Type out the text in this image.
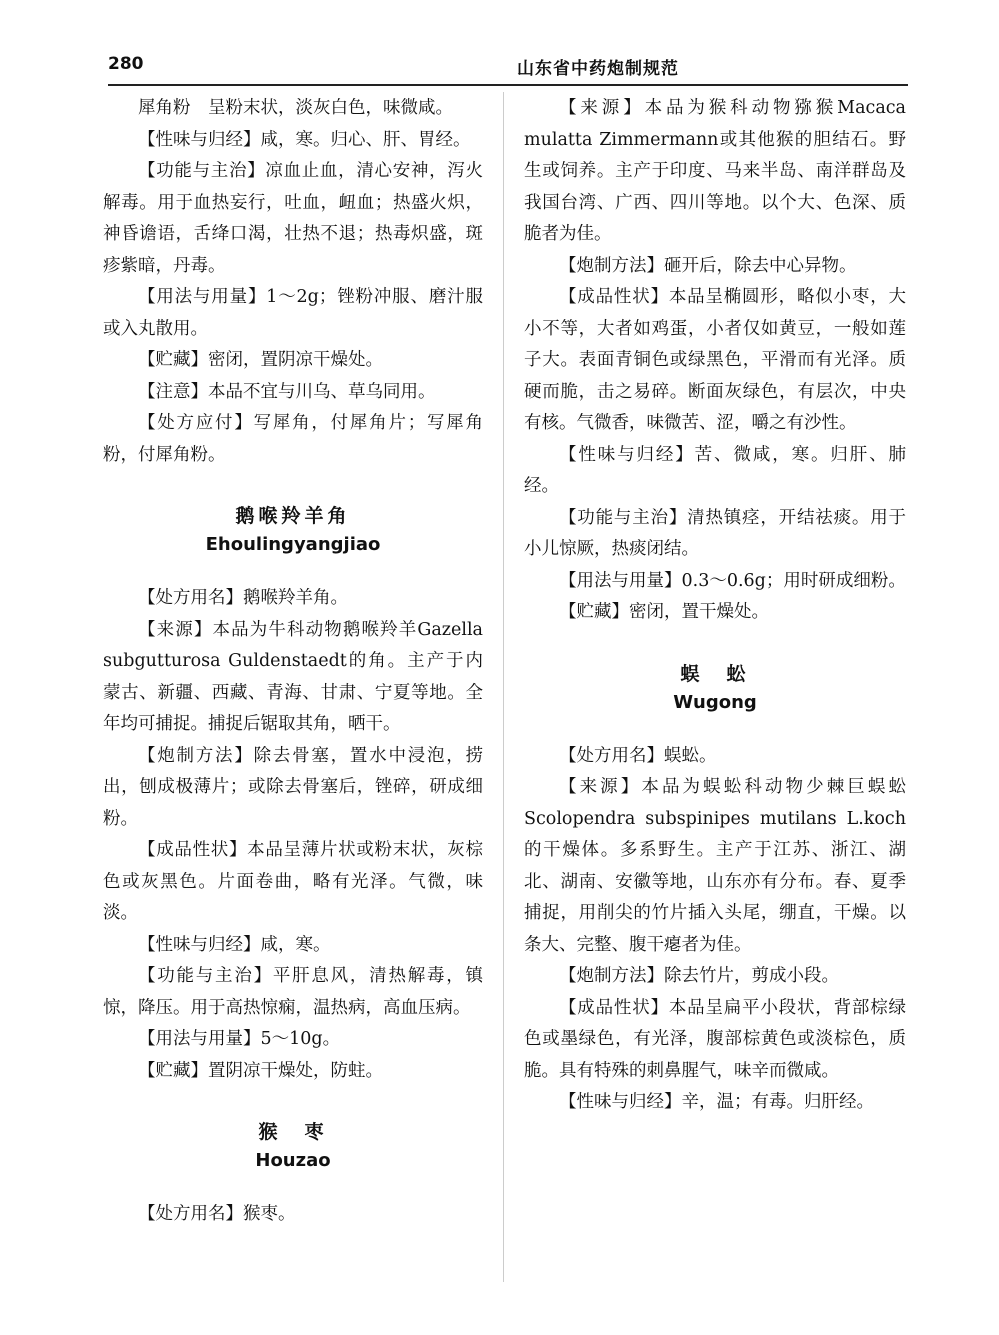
280	山东省中药炮制规范

犀角粉　呈粉末状，淡灰白色，味微咸。

【性味与归经】咸，寒。归心、肝、胃经。

【功能与主治】凉血止血，清心安神，泻火解毒。用于血热妄行，吐血，衄血；热盛火炽，神昏谵语，舌绛口渴，壮热不退；热毒炽盛，斑疹紫暗，丹毒。

【用法与用量】1～2g；锉粉冲服、磨汁服或入丸散用。

【贮藏】密闭，置阴凉干燥处。

【注意】本品不宜与川乌、草乌同用。

【处方应付】写犀角，付犀角片；写犀角粉，付犀角粉。

鹅喉羚羊角
Ehoulingyangjiao

【处方用名】鹅喉羚羊角。

【来源】本品为牛科动物鹅喉羚羊Gazella subgutturosa Guldenstaedt的角。主产于内蒙古、新疆、西藏、青海、甘肃、宁夏等地。全年均可捕捉。捕捉后锯取其角，晒干。

【炮制方法】除去骨塞，置水中浸泡，捞出，刨成极薄片；或除去骨塞后，锉碎，研成细粉。

【成品性状】本品呈薄片状或粉末状，灰棕色或灰黑色。片面卷曲，略有光泽。气微，味淡。

【性味与归经】咸，寒。

【功能与主治】平肝息风，清热解毒，镇惊，降压。用于高热惊痫，温热病，高血压病。

【用法与用量】5～10g。

【贮藏】置阴凉干燥处，防蛀。

猴　枣
Houzao

【处方用名】猴枣。

【来源】本品为猴科动物猕猴Macaca mulatta Zimmermann或其他猴的胆结石。野生或饲养。主产于印度、马来半岛、南洋群岛及我国台湾、广西、四川等地。以个大、色深、质脆者为佳。

【炮制方法】砸开后，除去中心异物。

【成品性状】本品呈椭圆形，略似小枣，大小不等，大者如鸡蛋，小者仅如黄豆，一般如莲子大。表面青铜色或绿黑色，平滑而有光泽。质硬而脆，击之易碎。断面灰绿色，有层次，中央有核。气微香，味微苦、涩，嚼之有沙性。

【性味与归经】苦、微咸，寒。归肝、肺经。

【功能与主治】清热镇痉，开结祛痰。用于小儿惊厥，热痰闭结。

【用法与用量】0.3～0.6g；用时研成细粉。

【贮藏】密闭，置干燥处。

蜈　蚣
Wugong

【处方用名】蜈蚣。

【来源】本品为蜈蚣科动物少棘巨蜈蚣Scolopendra subspinipes mutilans L.koch的干燥体。多系野生。主产于江苏、浙江、湖北、湖南、安徽等地，山东亦有分布。春、夏季捕捉，用削尖的竹片插入头尾，绷直，干燥。以条大、完整、腹干瘪者为佳。

【炮制方法】除去竹片，剪成小段。

【成品性状】本品呈扁平小段状，背部棕绿色或墨绿色，有光泽，腹部棕黄色或淡棕色，质脆。具有特殊的刺鼻腥气，味辛而微咸。

【性味与归经】辛，温；有毒。归肝经。
